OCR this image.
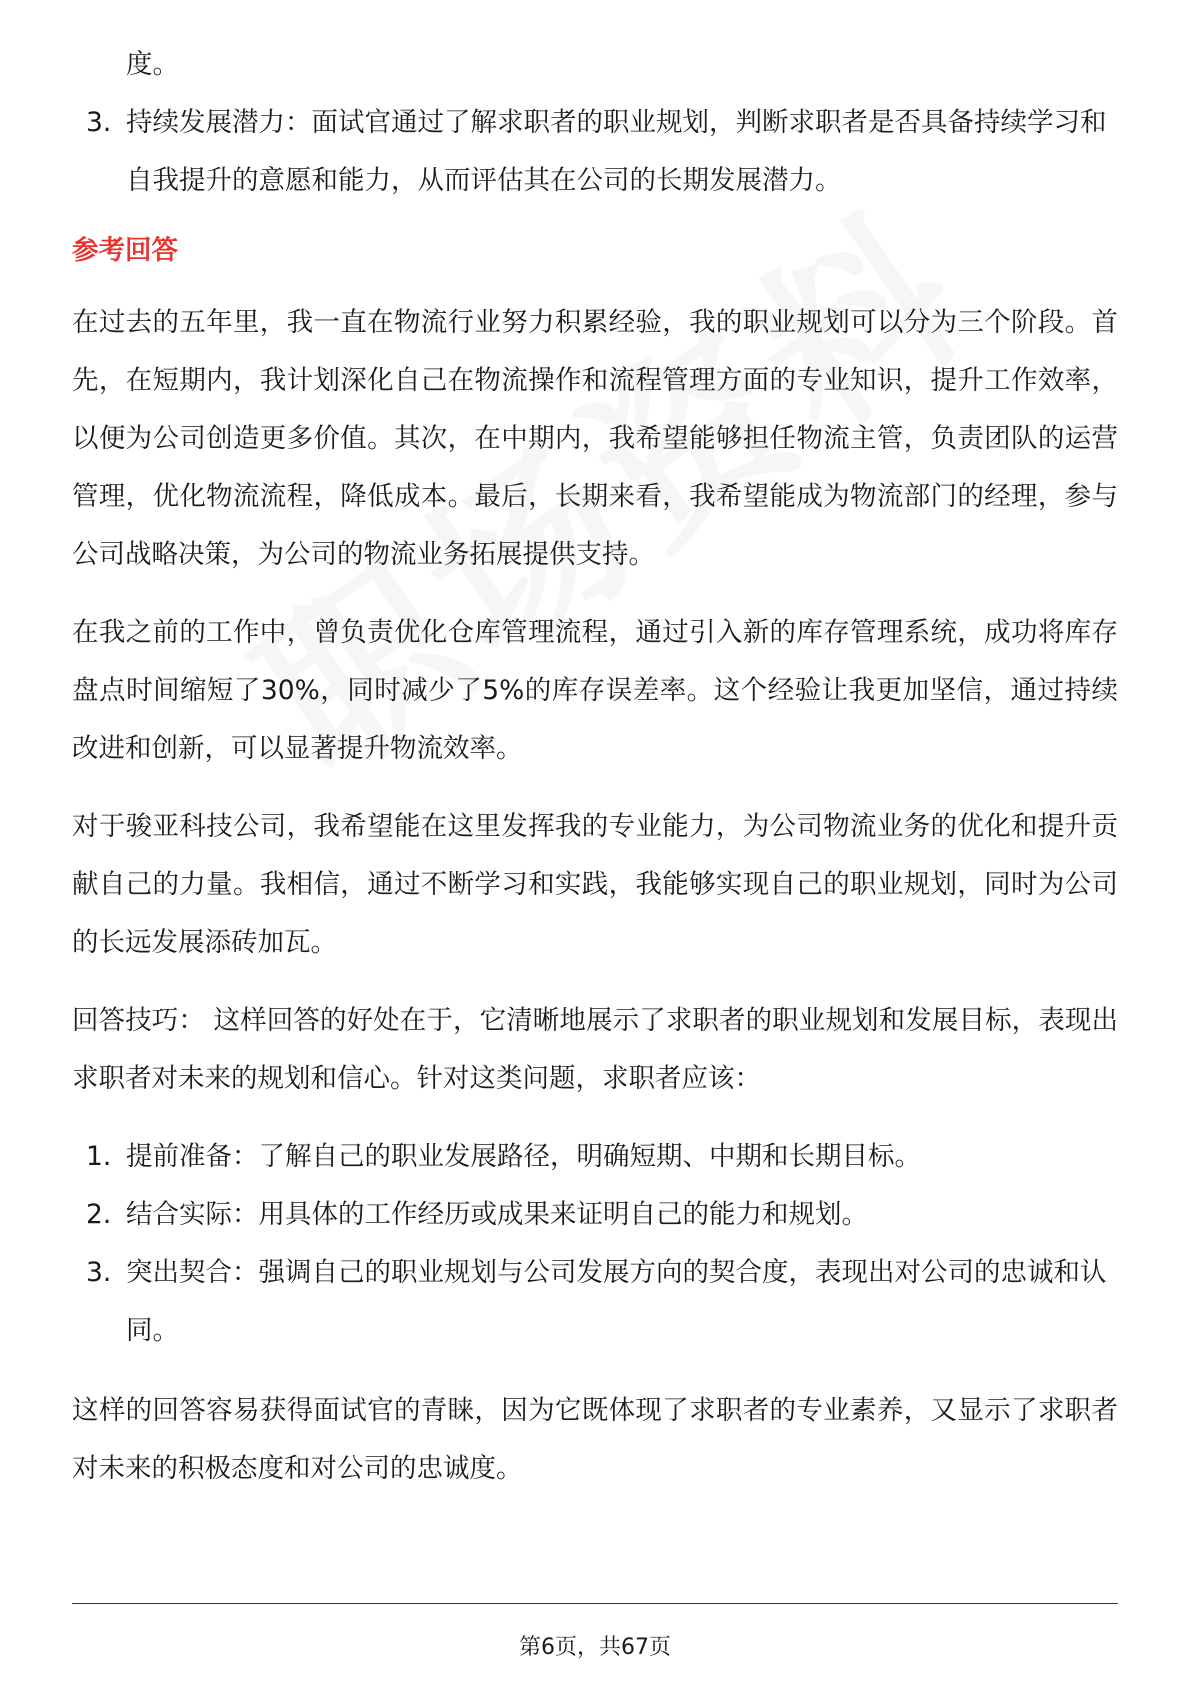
度。
3. 持续发展潜力：面试官通过了解求职者的职业规划，判断求职者是否具备持续学习和自我提升的意愿和能力，从而评估其在公司的长期发展潜力。
参考回答

在过去的五年里，我一直在物流行业努力积累经验，我的职业规划可以分为三个阶段。首先，在短期内，我计划深化自己在物流操作和流程管理方面的专业知识，提升工作效率，以便为公司创造更多价值。其次，在中期内，我希望能够担任物流主管，负责团队的运营管理，优化物流流程，降低成本。最后，长期来看，我希望能成为物流部门的经理，参与公司战略决策，为公司的物流业务拓展提供支持。

在我之前的工作中，曾负责优化仓库管理流程，通过引入新的库存管理系统，成功将库存盘点时间缩短了30%，同时减少了5%的库存误差率。这个经验让我更加坚信，通过持续改进和创新，可以显著提升物流效率。

对于骏亚科技公司，我希望能在这里发挥我的专业能力，为公司物流业务的优化和提升贡献自己的力量。我相信，通过不断学习和实践，我能够实现自己的职业规划，同时为公司的长远发展添砖加瓦。

回答技巧： 这样回答的好处在于，它清晰地展示了求职者的职业规划和发展目标，表现出求职者对未来的规划和信心。针对这类问题，求职者应该：

1. 提前准备：了解自己的职业发展路径，明确短期、中期和长期目标。
2. 结合实际：用具体的工作经历或成果来证明自己的能力和规划。
3. 突出契合：强调自己的职业规划与公司发展方向的契合度，表现出对公司的忠诚和认同。

这样的回答容易获得面试官的青睐，因为它既体现了求职者的专业素养，又显示了求职者对未来的积极态度和对公司的忠诚度。

第6页，共67页
